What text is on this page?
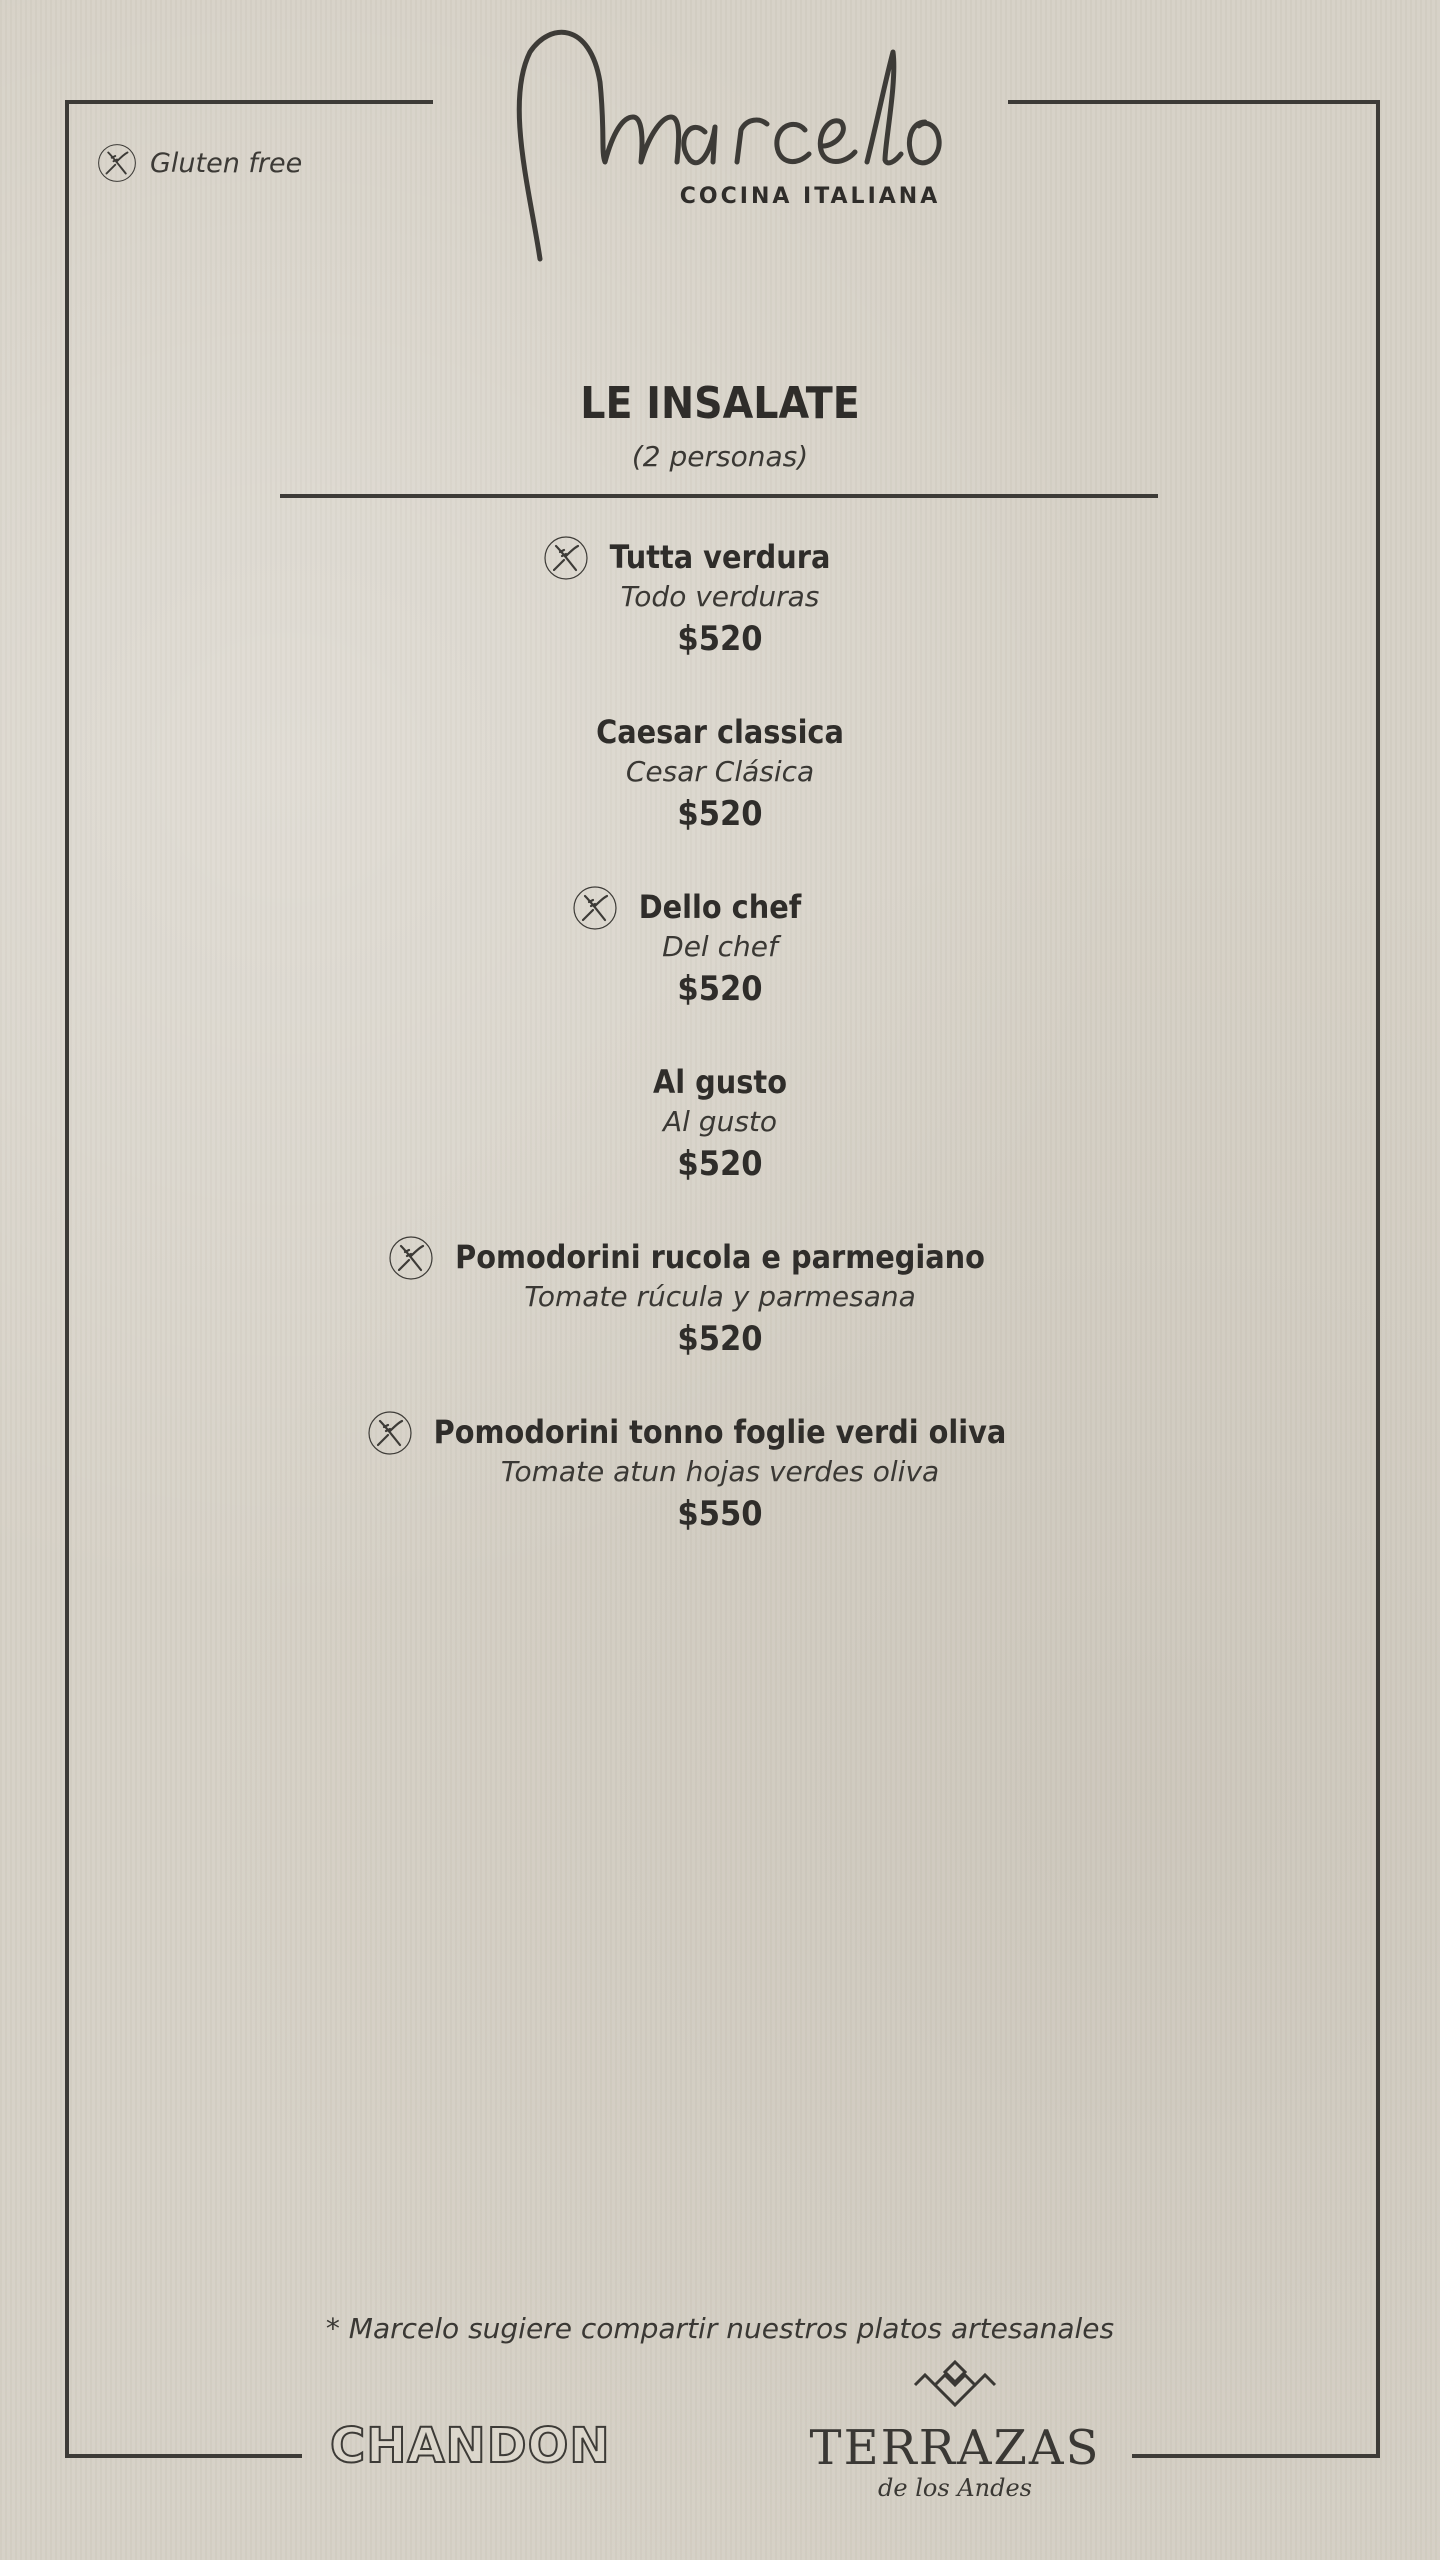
COCINA ITALIANA
Gluten free
LE INSALATE
(2 personas)
Tutta verdura
Todo verduras
$520
Caesar classica
Cesar Clásica
$520
Dello chef
Del chef
$520
Al gusto
Al gusto
$520
Pomodorini rucola e parmegiano
Tomate rúcula y parmesana
$520
Pomodorini tonno foglie verdi oliva
Tomate atun hojas verdes oliva
$550
* Marcelo sugiere compartir nuestros platos artesanales
CHANDON	TERRAZAS
de los Andes
